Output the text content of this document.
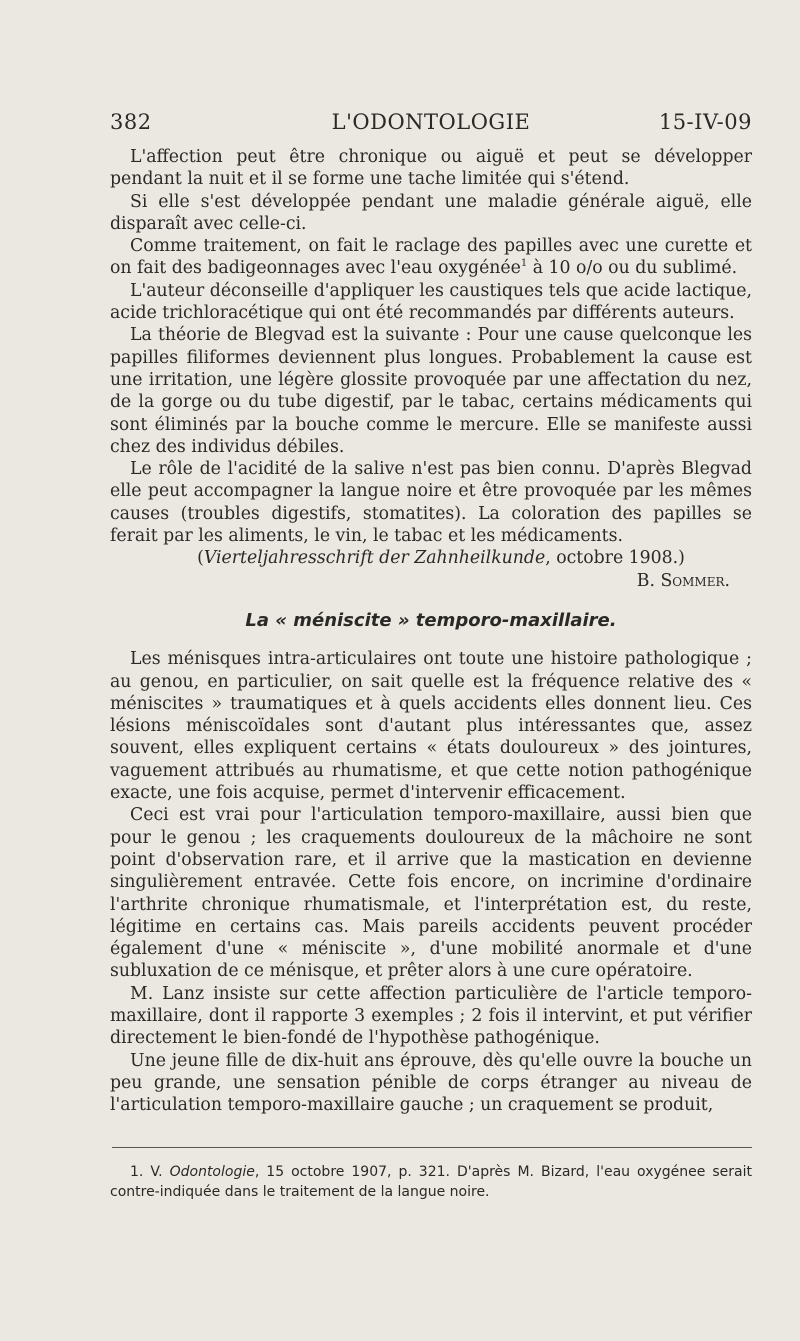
382	L'ODONTOLOGIE	15-IV-09

L'affection peut être chronique ou aiguë et peut se développer pendant la nuit et il se forme une tache limitée qui s'étend.

Si elle s'est développée pendant une maladie générale aiguë, elle disparaît avec celle-ci.

Comme traitement, on fait le raclage des papilles avec une curette et on fait des badigeonnages avec l'eau oxygénée$^1$ à 10 o/o ou du sublimé.

L'auteur déconseille d'appliquer les caustiques tels que acide lactique, acide trichloracétique qui ont été recommandés par différents auteurs.

La théorie de Blegvad est la suivante : Pour une cause quelconque les papilles filiformes deviennent plus longues. Probablement la cause est une irritation, une légère glossite provoquée par une affectation du nez, de la gorge ou du tube digestif, par le tabac, certains médicaments qui sont éliminés par la bouche comme le mercure. Elle se manifeste aussi chez des individus débiles.

Le rôle de l'acidité de la salive n'est pas bien connu. D'après Blegvad elle peut accompagner la langue noire et être provoquée par les mêmes causes (troubles digestifs, stomatites). La coloration des papilles se ferait par les aliments, le vin, le tabac et les médicaments.

(Vierteljahresschrift der Zahnheilkunde, octobre 1908.)

B. Sommer.

La « méniscite » temporo-maxillaire.

Les ménisques intra-articulaires ont toute une histoire pathologique ; au genou, en particulier, on sait quelle est la fréquence relative des « méniscites » traumatiques et à quels accidents elles donnent lieu. Ces lésions méniscoïdales sont d'autant plus intéressantes que, assez souvent, elles expliquent certains « états douloureux » des jointures, vaguement attribués au rhumatisme, et que cette notion pathogénique exacte, une fois acquise, permet d'intervenir efficacement.

Ceci est vrai pour l'articulation temporo-maxillaire, aussi bien que pour le genou ; les craquements douloureux de la mâchoire ne sont point d'observation rare, et il arrive que la mastication en devienne singulièrement entravée. Cette fois encore, on incrimine d'ordinaire l'arthrite chronique rhumatismale, et l'interprétation est, du reste, légitime en certains cas. Mais pareils accidents peuvent procéder également d'une « méniscite », d'une mobilité anormale et d'une subluxation de ce ménisque, et prêter alors à une cure opératoire.

M. Lanz insiste sur cette affection particulière de l'article temporo-maxillaire, dont il rapporte 3 exemples ; 2 fois il intervint, et put vérifier directement le bien-fondé de l'hypothèse pathogénique.

Une jeune fille de dix-huit ans éprouve, dès qu'elle ouvre la bouche un peu grande, une sensation pénible de corps étranger au niveau de l'articulation temporo-maxillaire gauche ; un craquement se produit,

1. V. Odontologie, 15 octobre 1907, p. 321. D'après M. Bizard, l'eau oxygénee serait contre-indiquée dans le traitement de la langue noire.
